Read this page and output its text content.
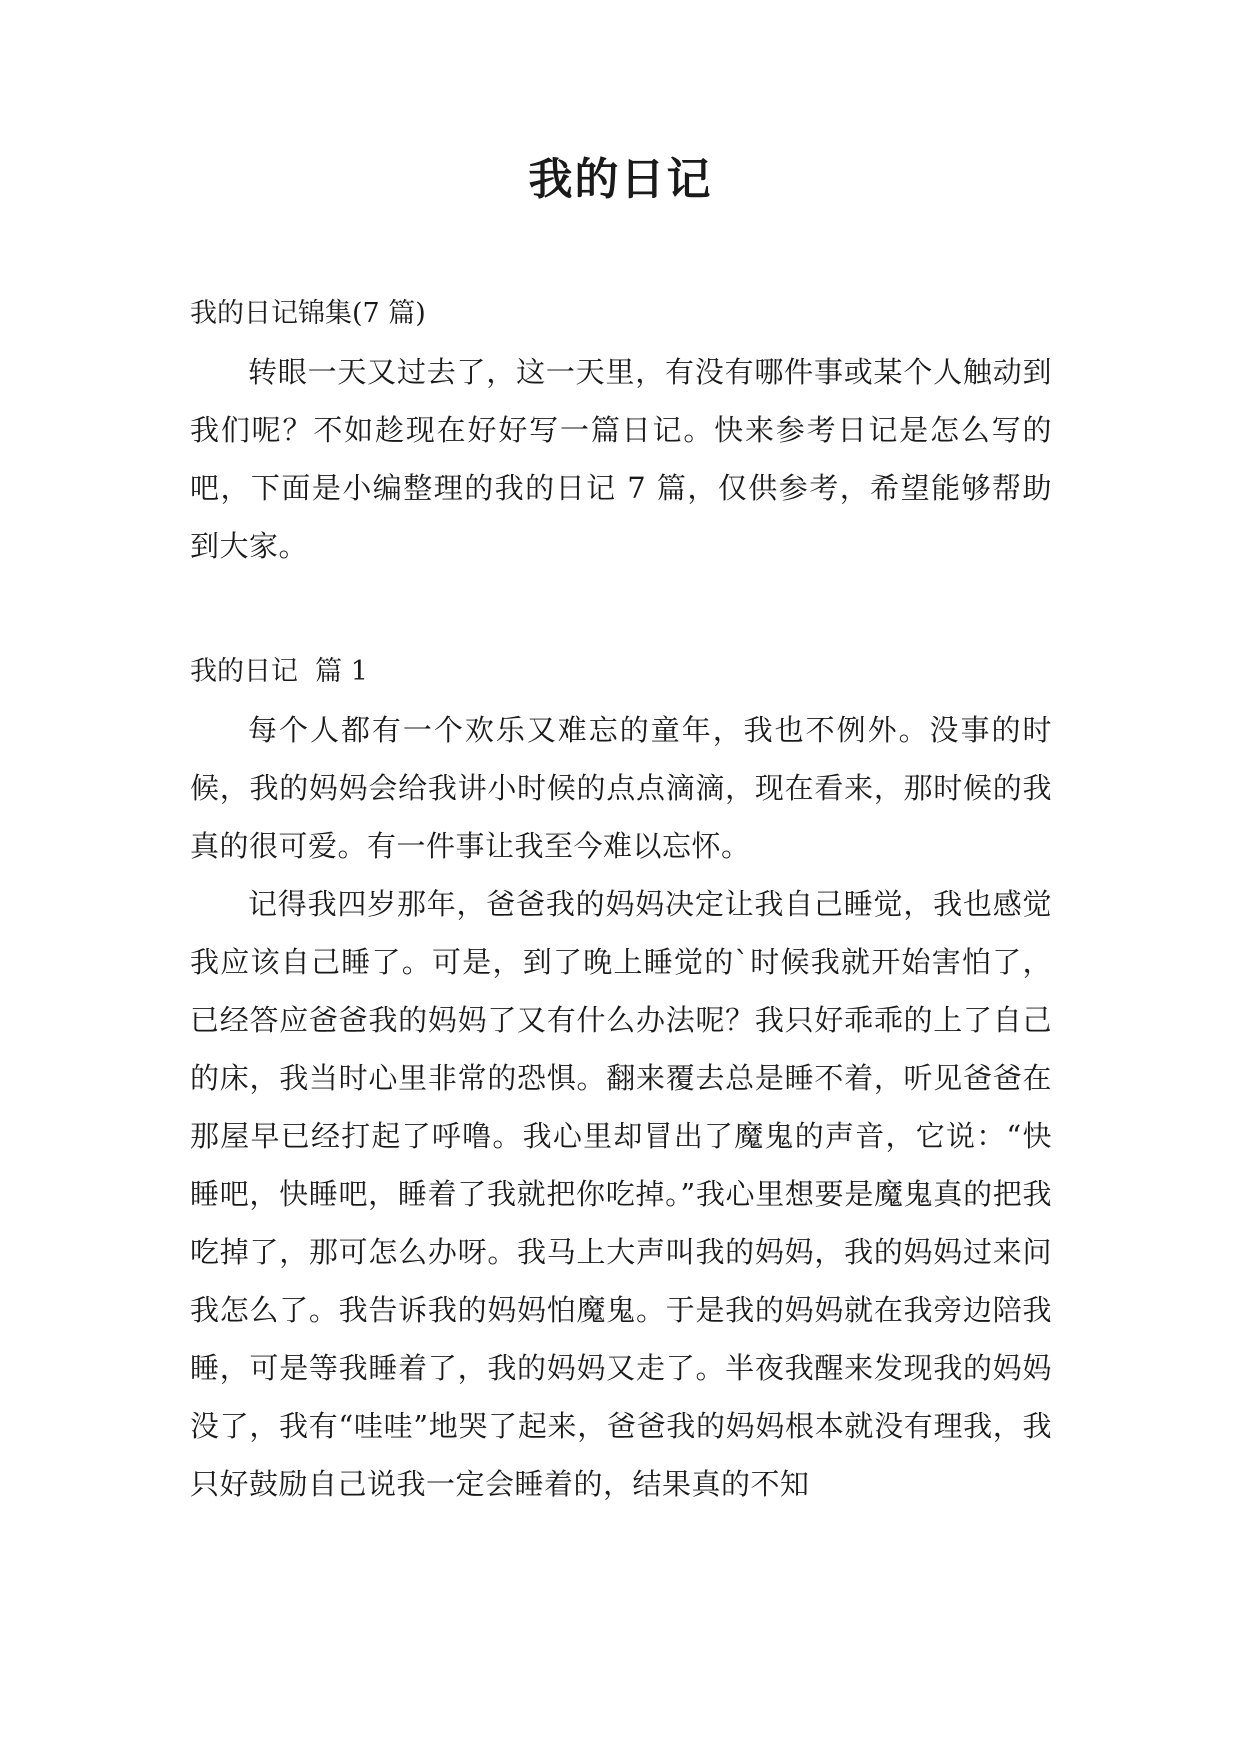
我的日记

我的日记锦集(7 篇)

转眼一天又过去了，这一天里，有没有哪件事或某个人触动到我们呢？不如趁现在好好写一篇日记。快来参考日记是怎么写的吧，下面是小编整理的我的日记 7 篇，仅供参考，希望能够帮助到大家。

我的日记  篇 1

每个人都有一个欢乐又难忘的童年，我也不例外。没事的时候，我的妈妈会给我讲小时候的点点滴滴，现在看来，那时候的我真的很可爱。有一件事让我至今难以忘怀。

记得我四岁那年，爸爸我的妈妈决定让我自己睡觉，我也感觉我应该自己睡了。可是，到了晚上睡觉的`时候我就开始害怕了，已经答应爸爸我的妈妈了又有什么办法呢？我只好乖乖的上了自己的床，我当时心里非常的恐惧。翻来覆去总是睡不着，听见爸爸在那屋早已经打起了呼噜。我心里却冒出了魔鬼的声音，它说：“快睡吧，快睡吧，睡着了我就把你吃掉。”我心里想要是魔鬼真的把我吃掉了，那可怎么办呀。我马上大声叫我的妈妈，我的妈妈过来问我怎么了。我告诉我的妈妈怕魔鬼。于是我的妈妈就在我旁边陪我睡，可是等我睡着了，我的妈妈又走了。半夜我醒来发现我的妈妈没了，我有“哇哇”地哭了起来，爸爸我的妈妈根本就没有理我，我只好鼓励自己说我一定会睡着的，结果真的不知
